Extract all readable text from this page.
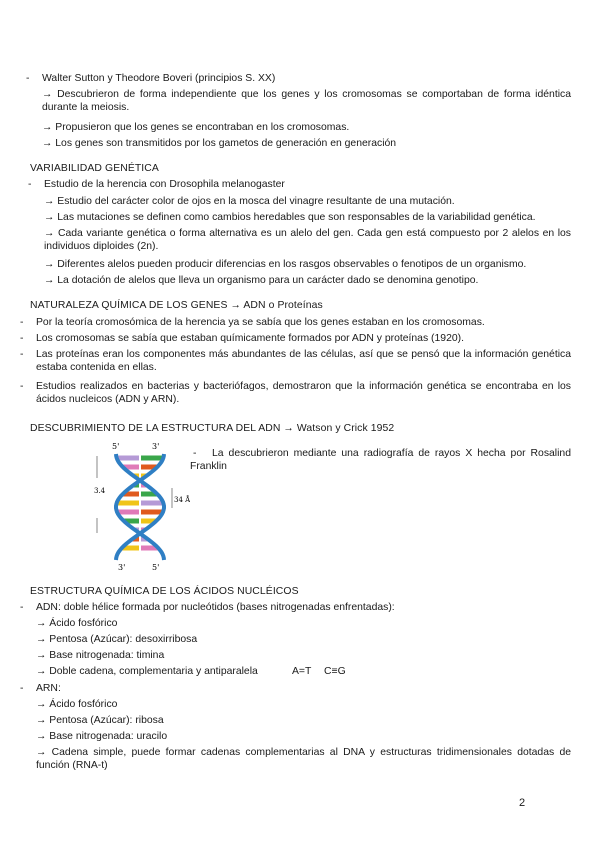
- Walter Sutton y Theodore Boveri (principios S. XX)
→ Descubrieron de forma independiente que los genes y los cromosomas se comportaban de forma idéntica durante la meiosis.
→ Propusieron que los genes se encontraban en los cromosomas.
→ Los genes son transmitidos por los gametos de generación en generación
VARIABILIDAD GENÉTICA
- Estudio de la herencia con Drosophila melanogaster
→ Estudio del carácter color de ojos en la mosca del vinagre resultante de una mutación.
→ Las mutaciones se definen como cambios heredables que son responsables de la variabilidad genética.
→ Cada variante genética o forma alternativa es un alelo del gen. Cada gen está compuesto por 2 alelos en los individuos diploides (2n).
→ Diferentes alelos pueden producir diferencias en los rasgos observables o fenotipos de un organismo.
→ La dotación de alelos que lleva un organismo para un carácter dado se denomina genotipo.
NATURALEZA QUÍMICA DE LOS GENES → ADN o Proteínas
- Por la teoría cromosómica de la herencia ya se sabía que los genes estaban en los cromosomas.
- Los cromosomas se sabía que estaban químicamente formados por ADN y proteínas (1920).
- Las proteínas eran los componentes más abundantes de las células, así que se pensó que la información genética estaba contenida en ellas.
- Estudios realizados en bacterias y bacteriófagos, demostraron que la información genética se encontraba en los ácidos nucleicos (ADN y ARN).
DESCUBRIMIENTO DE LA ESTRUCTURA DEL ADN → Watson y Crick 1952
-	La descubrieron mediante una radiografía de rayos X hecha por Rosalind Franklin
5'	3'
3.4
34 Å
3'	5'
ESTRUCTURA QUÍMICA DE LOS ÁCIDOS NUCLÉICOS
- ADN: doble hélice formada por nucleótidos (bases nitrogenadas enfrentadas):
→ Ácido fosfórico
→ Pentosa (Azúcar): desoxirribosa
→ Base nitrogenada: timina
→ Doble cadena, complementaria y antiparalela	A=T C≡G
- ARN:
→ Ácido fosfórico
→ Pentosa (Azúcar): ribosa
→ Base nitrogenada: uracilo
→ Cadena simple, puede formar cadenas complementarias al DNA y estructuras tridimensionales dotadas de función (RNA-t)
2
